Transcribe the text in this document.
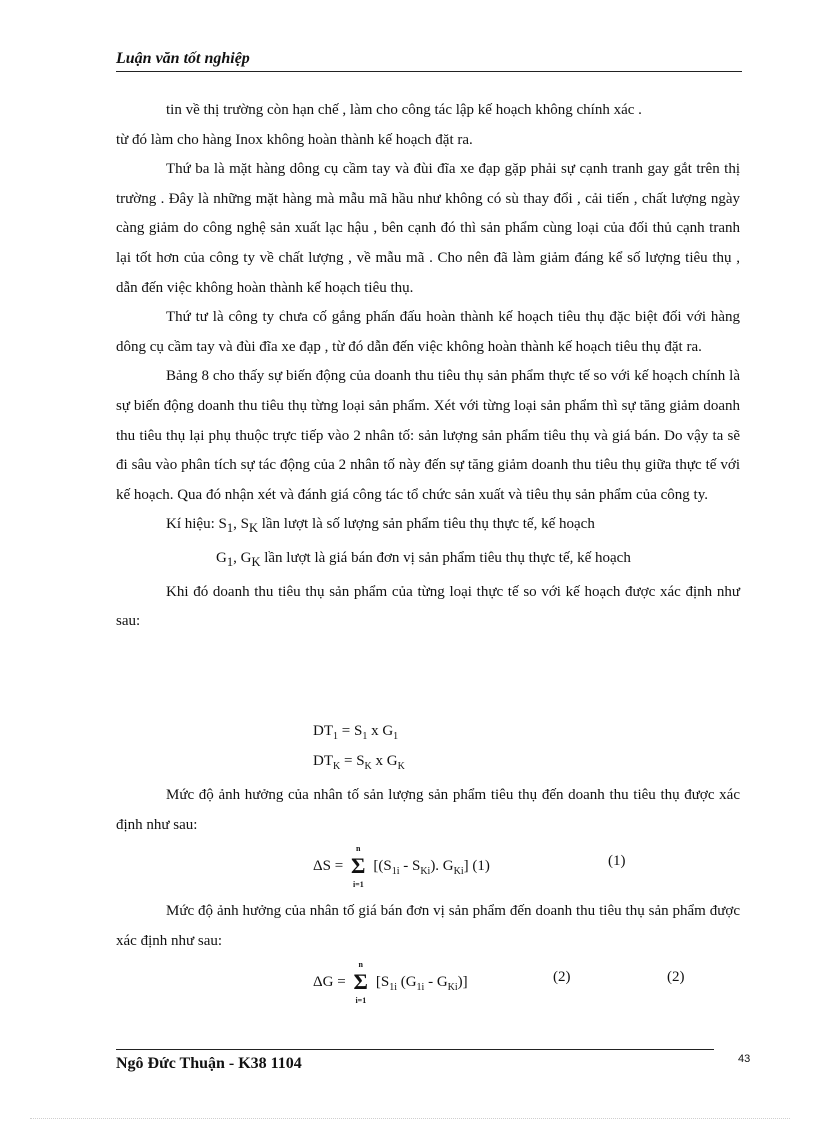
Luận văn tốt nghiệp

tin về thị trường còn hạn chế , làm cho công tác lập kế hoạch không chính xác .

từ đó làm cho hàng Inox không hoàn thành kế hoạch đặt ra.

Thứ ba là mặt hàng dông cụ cầm tay và đùi đĩa xe đạp gặp phải sự cạnh tranh gay gắt trên thị trường . Đây là những mặt hàng mà mẫu mã hầu như không có sù thay đổi , cải tiến , chất lượng ngày càng giảm do công nghệ sản xuất lạc hậu , bên cạnh đó thì sản phẩm cùng loại của đối thủ cạnh tranh lại tốt hơn của công ty về chất lượng , về mẫu mã . Cho nên đã làm giảm đáng kể số lượng tiêu thụ , dẫn đến việc không hoàn thành kế hoạch tiêu thụ.

Thứ tư là công ty chưa cố gắng phấn đấu hoàn thành kế hoạch tiêu thụ đặc biệt đối với hàng dông cụ cầm tay và đùi đĩa xe đạp , từ đó dẫn đến việc không hoàn thành kế hoạch tiêu thụ đặt ra.

Bảng 8 cho thấy sự biến động của doanh thu tiêu thụ sản phẩm thực tế so với kế hoạch chính là sự biến động doanh thu tiêu thụ từng loại sản phẩm. Xét với từng loại sản phẩm thì sự tăng giảm doanh thu tiêu thụ lại phụ thuộc trực tiếp vào 2 nhân tố: sản lượng sản phẩm tiêu thụ và giá bán. Do vậy ta sẽ đi sâu vào phân tích sự tác động của 2 nhân tố này đến sự tăng giảm doanh thu tiêu thụ giữa thực tế với kế hoạch. Qua đó nhận xét và đánh giá công tác tổ chức sản xuất và tiêu thụ sản phẩm của công ty.

Kí hiệu: $S_1$, $S_K$ lần lượt là số lượng sản phẩm tiêu thụ thực tế, kế hoạch

$G_1$, $G_K$ lần lượt là giá bán đơn vị sản phẩm tiêu thụ thực tế, kế hoạch

Khi đó doanh thu tiêu thụ sản phẩm của từng loại thực tế so với kế hoạch được xác định như sau:

$DT_1 = S_1$ x $G_1$
$DT_K = S_K$ x $G_K$

Mức độ ảnh hưởng của nhân tố sản lượng sản phẩm tiêu thụ đến doanh thu tiêu thụ được xác định như sau:

ΔS =
n
Σ
i=1
[$(S_{1i} - S_{Ki})$. $G_{Ki}$] (1)	(1)

Mức độ ảnh hưởng của nhân tố giá bán đơn vị sản phẩm đến doanh thu tiêu thụ sản phẩm được xác định như sau:

ΔG =
n
Σ
i=1
[$S_{1i}$ $(G_{1i} - G_{Ki})$]	(2)	(2)
Ngô Đức Thuận - K38 1104	43
